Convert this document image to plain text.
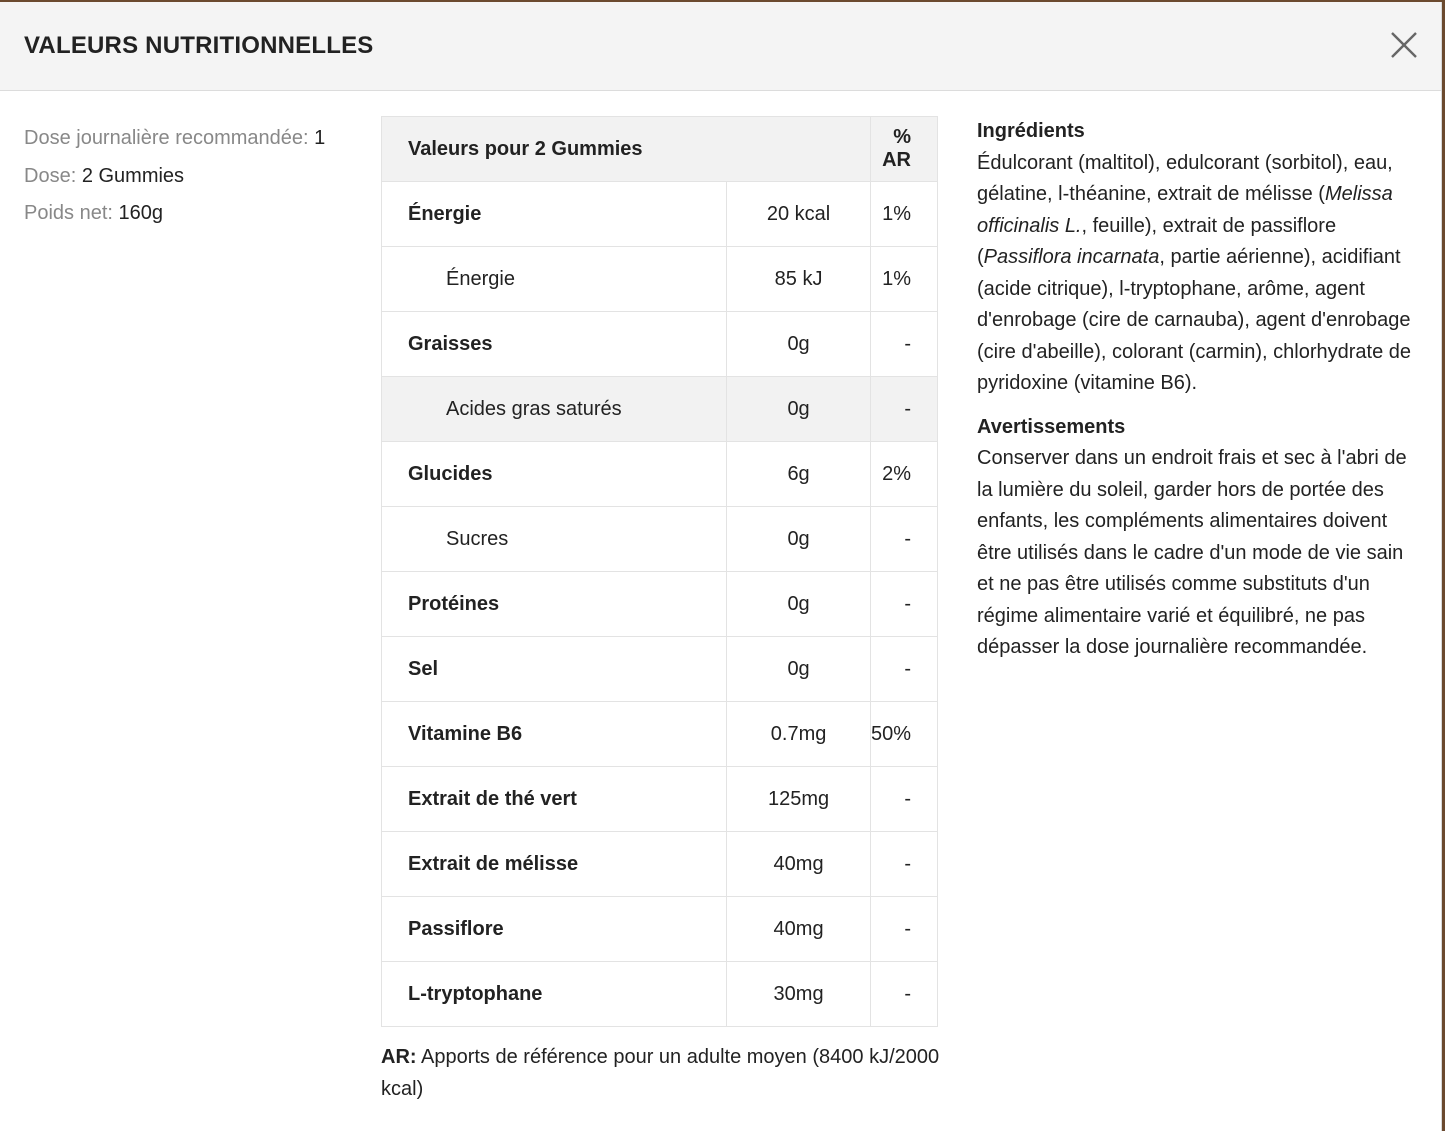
VALEURS NUTRITIONNELLES
Dose journalière recommandée: 1
Dose: 2 Gummies
Poids net: 160g
Valeurs pour 2 Gummies		% AR
Énergie	20 kcal	1%
Énergie	85 kJ	1%
Graisses	0g	-
Acides gras saturés	0g	-
Glucides	6g	2%
Sucres	0g	-
Protéines	0g	-
Sel	0g	-
Vitamine B6	0.7mg	50%
Extrait de thé vert	125mg	-
Extrait de mélisse	40mg	-
Passiflore	40mg	-
L-tryptophane	30mg	-
AR: Apports de référence pour un adulte moyen (8400 kJ/2000 kcal)
Ingrédients

Édulcorant (maltitol), edulcorant (sorbitol), eau, gélatine, l-théanine, extrait de mélisse (Melissa officinalis L., feuille), extrait de passiflore (Passiflora incarnata, partie aérienne), acidifiant (acide citrique), l-tryptophane, arôme, agent d'enrobage (cire de carnauba), agent d'enrobage (cire d'abeille), colorant (carmin), chlorhydrate de pyridoxine (vitamine B6).

Avertissements

Conserver dans un endroit frais et sec à l'abri de la lumière du soleil, garder hors de portée des enfants, les compléments alimentaires doivent être utilisés dans le cadre d'un mode de vie sain et ne pas être utilisés comme substituts d'un régime alimentaire varié et équilibré, ne pas dépasser la dose journalière recommandée.
